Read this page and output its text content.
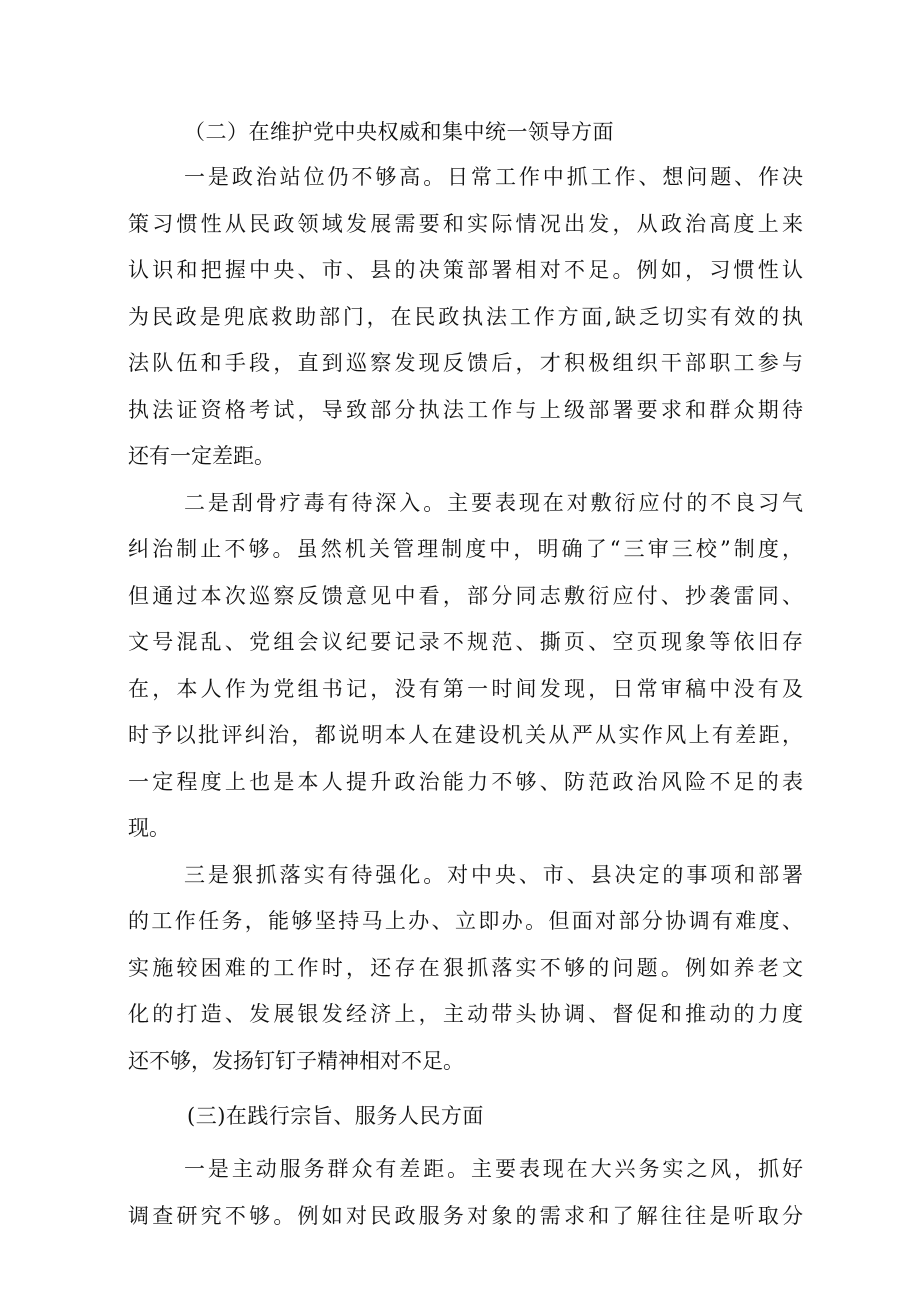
（二）在维护党中央权威和集中统一领导方面

一是政治站位仍不够高。日常工作中抓工作、想问题、作决
策习惯性从民政领域发展需要和实际情况出发，从政治高度上来
认识和把握中央、市、县的决策部署相对不足。例如，习惯性认
为民政是兜底救助部门，在民政执法工作方面,缺乏切实有效的执
法队伍和手段，直到巡察发现反馈后，才积极组织干部职工参与
执法证资格考试，导致部分执法工作与上级部署要求和群众期待
还有一定差距。

二是刮骨疗毒有待深入。主要表现在对敷衍应付的不良习气
纠治制止不够。虽然机关管理制度中，明确了“三审三校”制度，
但通过本次巡察反馈意见中看，部分同志敷衍应付、抄袭雷同、
文号混乱、党组会议纪要记录不规范、撕页、空页现象等依旧存
在，本人作为党组书记，没有第一时间发现，日常审稿中没有及
时予以批评纠治，都说明本人在建设机关从严从实作风上有差距，
一定程度上也是本人提升政治能力不够、防范政治风险不足的表
现。

三是狠抓落实有待强化。对中央、市、县决定的事项和部署
的工作任务，能够坚持马上办、立即办。但面对部分协调有难度、
实施较困难的工作时，还存在狠抓落实不够的问题。例如养老文
化的打造、发展银发经济上，主动带头协调、督促和推动的力度
还不够，发扬钉钉子精神相对不足。

(三)在践行宗旨、服务人民方面

一是主动服务群众有差距。主要表现在大兴务实之风，抓好
调查研究不够。例如对民政服务对象的需求和了解往往是听取分
